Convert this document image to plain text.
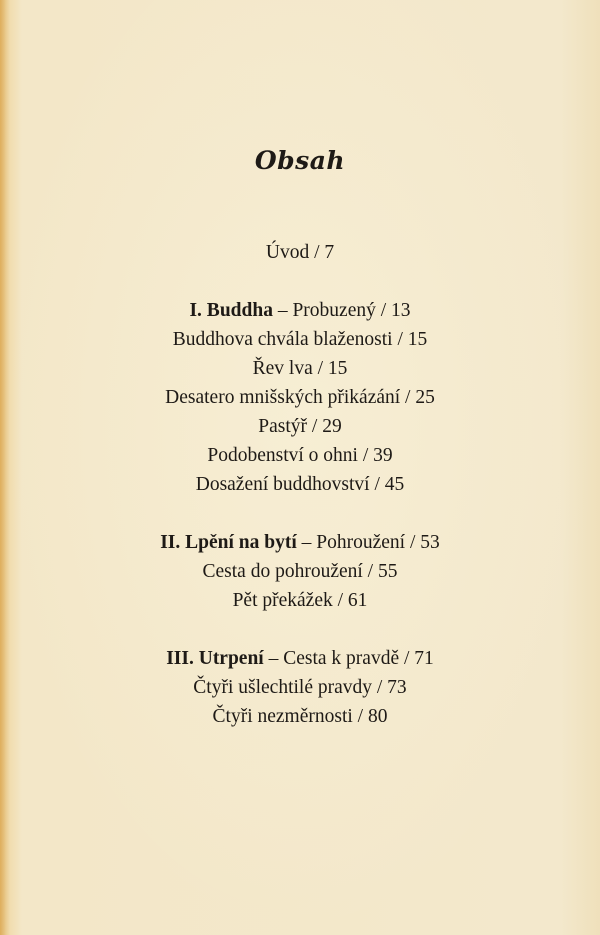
Obsah
Úvod / 7
I. Buddha – Probuzený / 13
Buddhova chvála blaženosti / 15
Řev lva / 15
Desatero mnišských přikázání / 25
Pastýř / 29
Podobenství o ohni / 39
Dosažení buddhovství / 45
II. Lpění na bytí – Pohroužení / 53
Cesta do pohroužení / 55
Pět překážek / 61
III. Utrpení – Cesta k pravdě / 71
Čtyři ušlechtilé pravdy / 73
Čtyři nezměrnosti / 80
